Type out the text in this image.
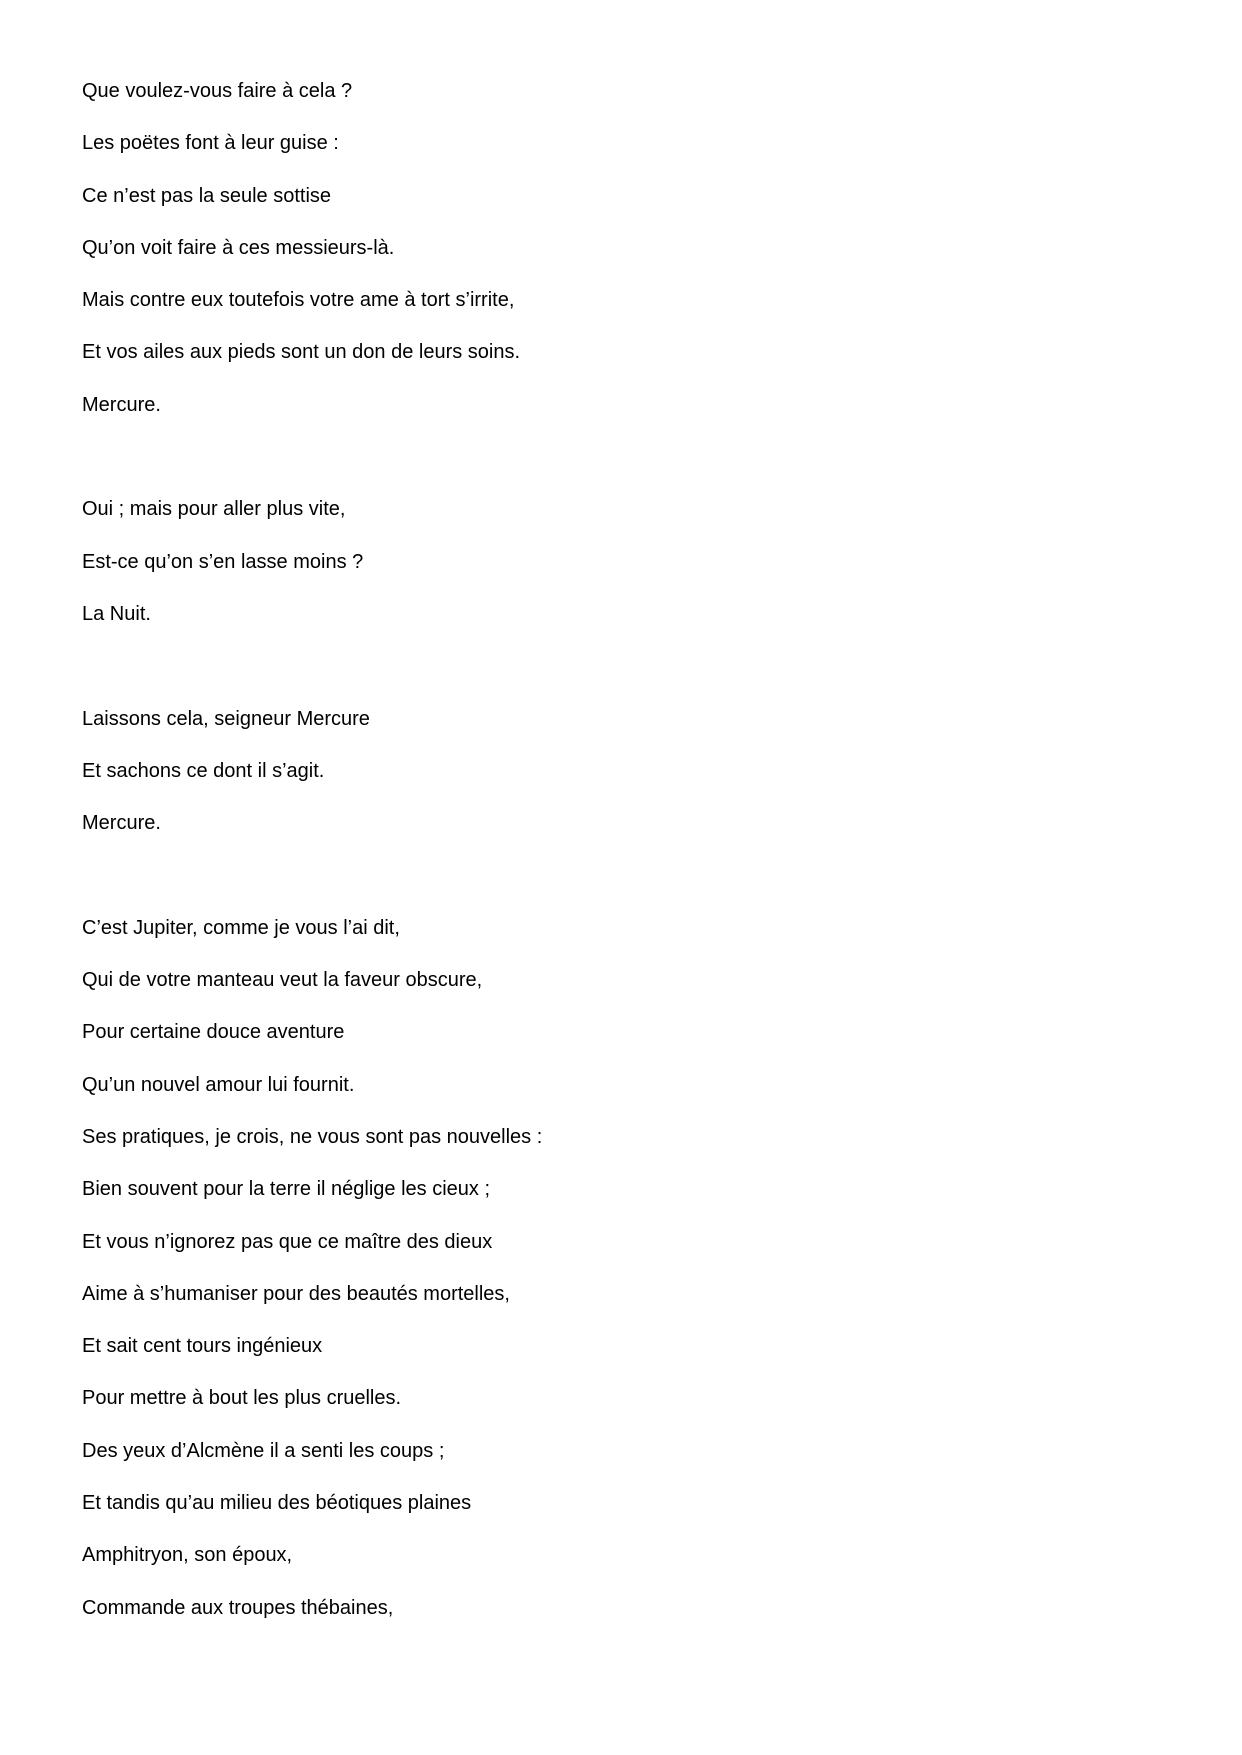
Que voulez-vous faire à cela ?
Les poëtes font à leur guise :
Ce n’est pas la seule sottise
Qu’on voit faire à ces messieurs-là.
Mais contre eux toutefois votre ame à tort s’irrite,
Et vos ailes aux pieds sont un don de leurs soins.
Mercure.
Oui ; mais pour aller plus vite,
Est-ce qu’on s’en lasse moins ?
La Nuit.
Laissons cela, seigneur Mercure
Et sachons ce dont il s’agit.
Mercure.
C’est Jupiter, comme je vous l’ai dit,
Qui de votre manteau veut la faveur obscure,
Pour certaine douce aventure
Qu’un nouvel amour lui fournit.
Ses pratiques, je crois, ne vous sont pas nouvelles :
Bien souvent pour la terre il néglige les cieux ;
Et vous n’ignorez pas que ce maître des dieux
Aime à s’humaniser pour des beautés mortelles,
Et sait cent tours ingénieux
Pour mettre à bout les plus cruelles.
Des yeux d’Alcmène il a senti les coups ;
Et tandis qu’au milieu des béotiques plaines
Amphitryon, son époux,
Commande aux troupes thébaines,
